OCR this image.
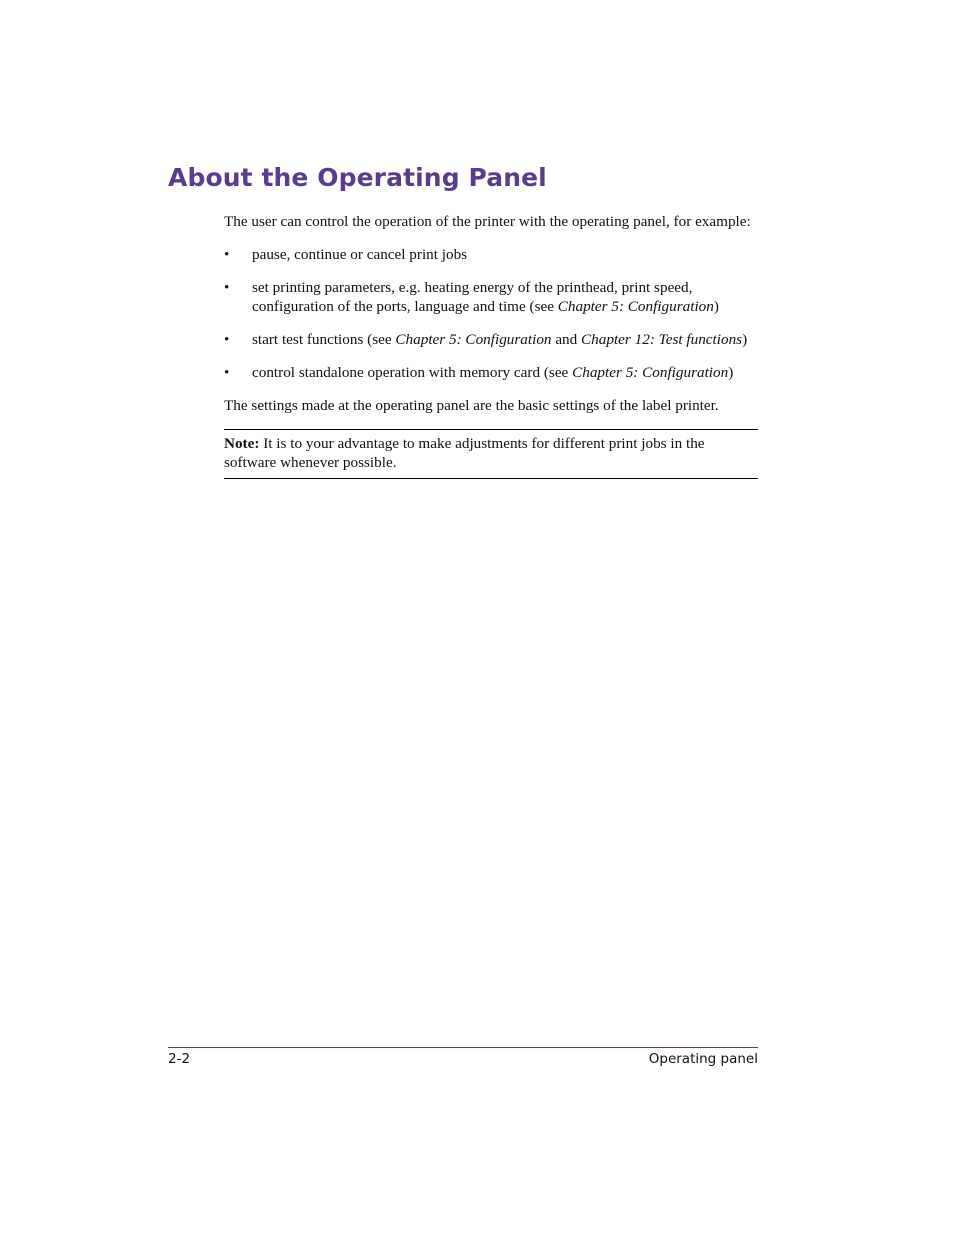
About the Operating Panel

The user can control the operation of the printer with the operating panel, for example:

• pause, continue or cancel print jobs
• set printing parameters, e.g. heating energy of the printhead, print speed, configuration of the ports, language and time (see Chapter 5: Configuration)
• start test functions (see Chapter 5: Configuration and Chapter 12: Test functions)
• control standalone operation with memory card (see Chapter 5: Configuration)

The settings made at the operating panel are the basic settings of the label printer.

Note: It is to your advantage to make adjustments for different print jobs in the software whenever possible.
2-2	Operating panel
